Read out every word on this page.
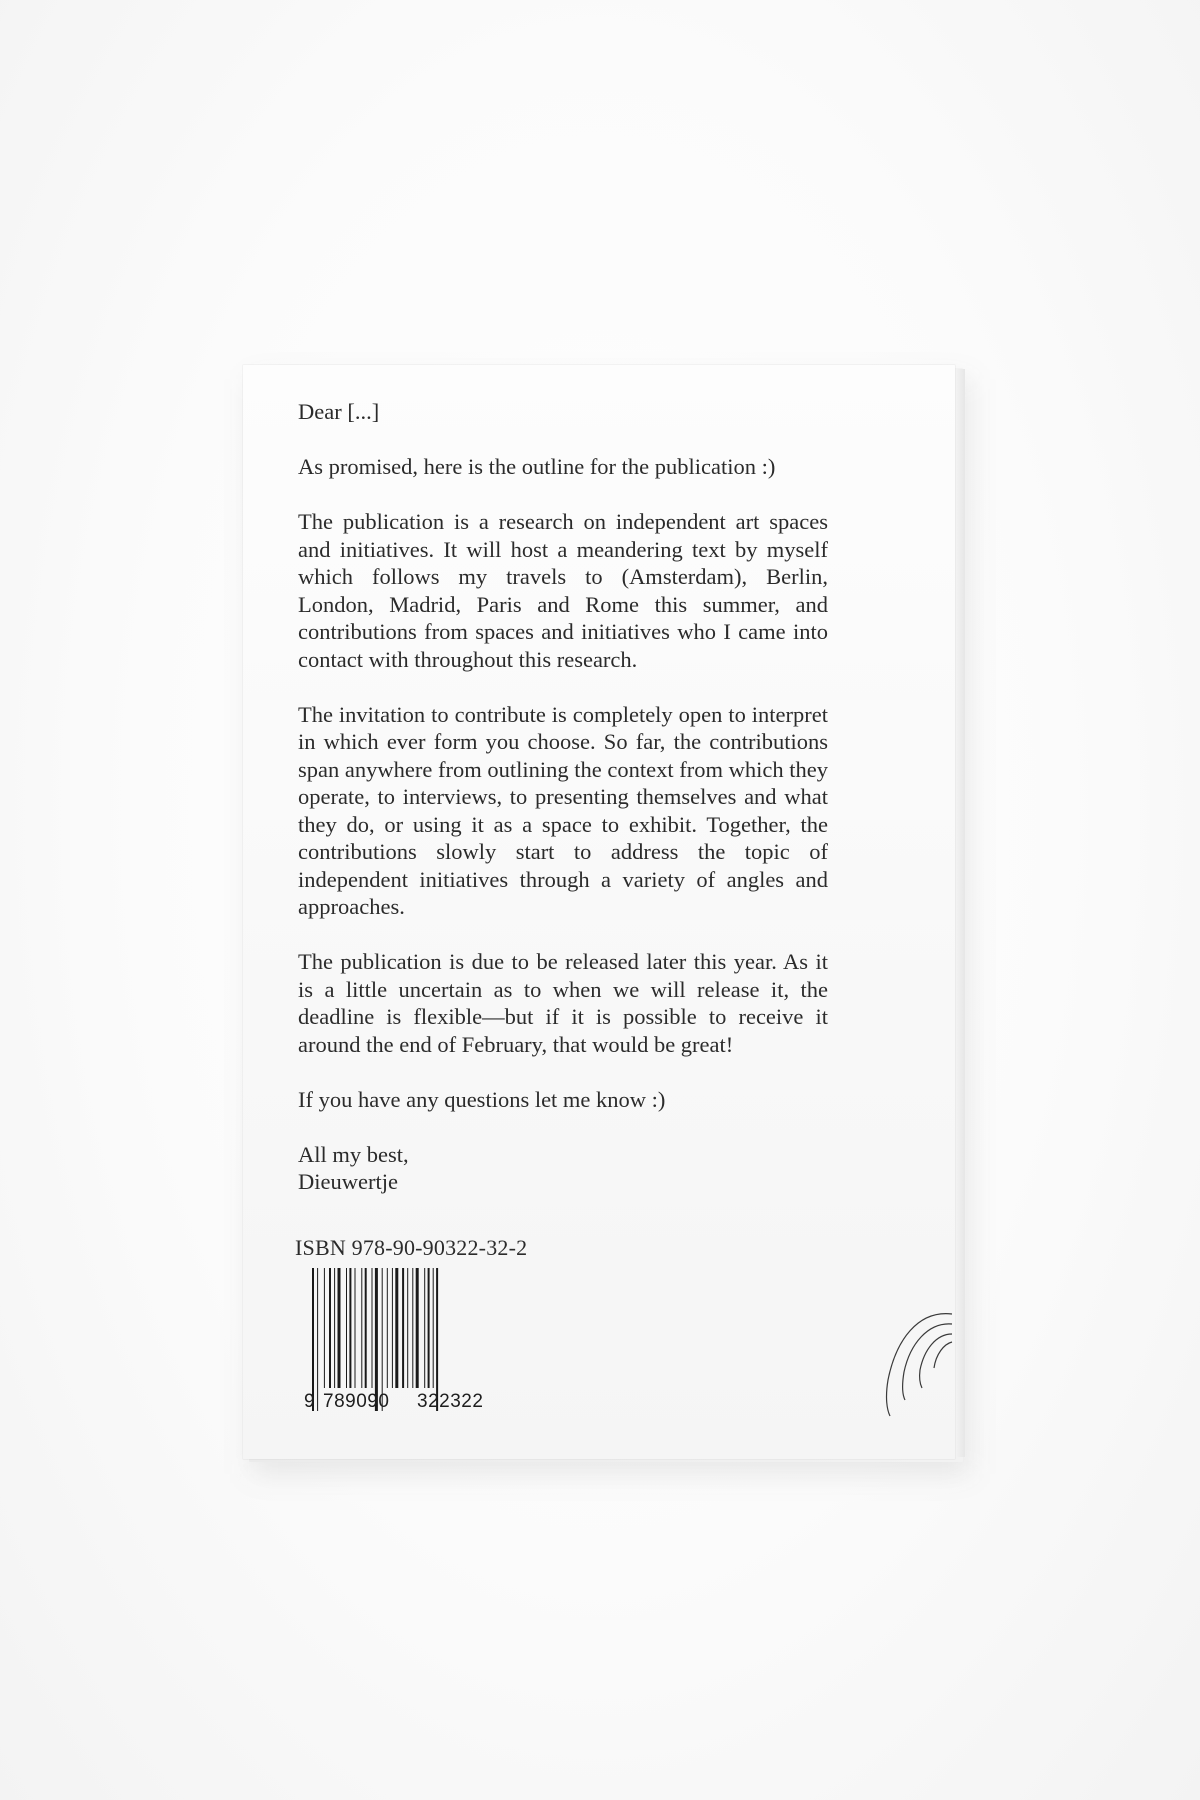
Dear [...]

As promised, here is the outline for the publication :)

The publication is a research on independent art spaces and initiatives. It will host a meandering text by myself which follows my travels to (Amsterdam), Berlin, London, Madrid, Paris and Rome this summer, and contributions from spaces and initiatives who I came into contact with throughout this research.

The invitation to contribute is completely open to interpret in which ever form you choose. So far, the contributions span anywhere from outlining the context from which they operate, to interviews, to presenting themselves and what they do, or using it as a space to exhibit. Together, the contributions slowly start to address the topic of independent initiatives through a variety of angles and approaches.

The publication is due to be released later this year. As it is a little uncertain as to when we will release it, the deadline is flexible—but if it is possible to receive it around the end of February, that would be great!

If you have any questions let me know :)

All my best,

Dieuwertje

ISBN 978-90-90322-32-2
9 789090 322322
